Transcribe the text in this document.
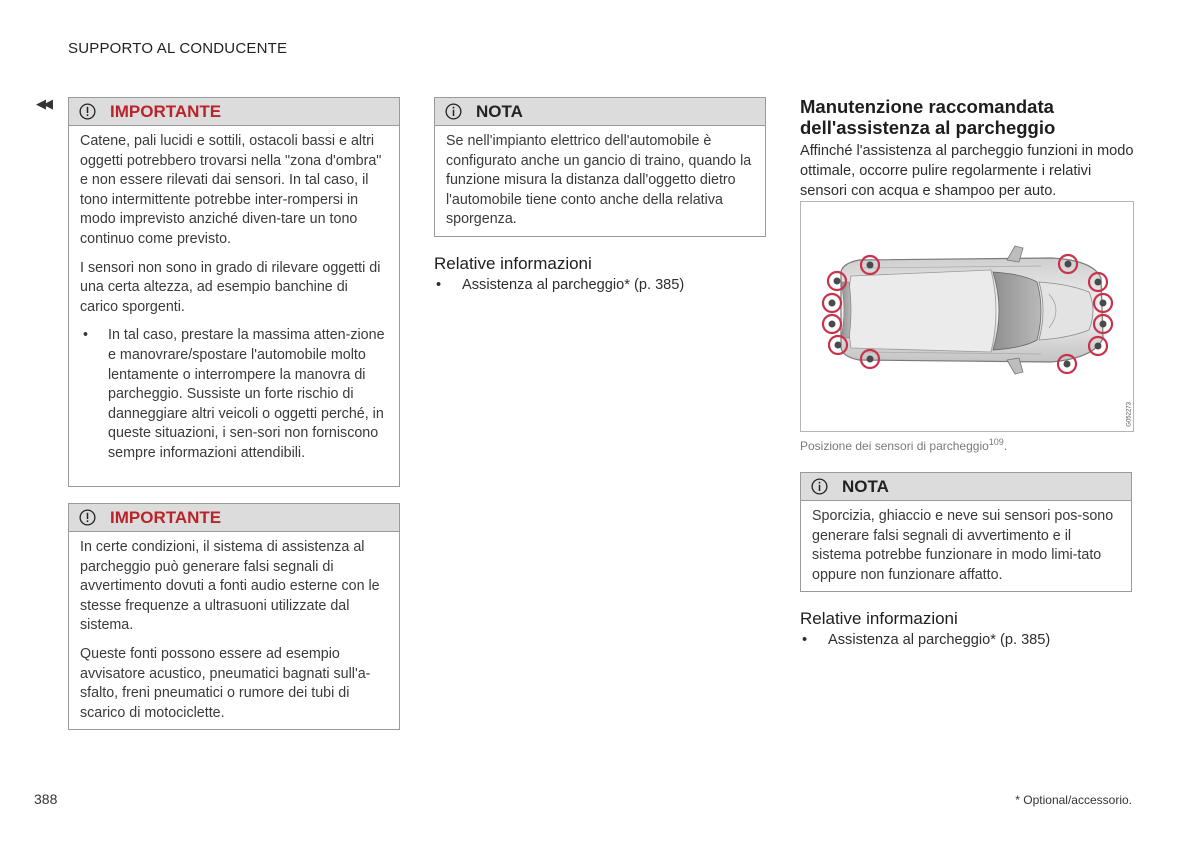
SUPPORTO AL CONDUCENTE
◀◀	IMPORTANTE

Catene, pali lucidi e sottili, ostacoli bassi e altri oggetti potrebbero trovarsi nella "zona d'ombra" e non essere rilevati dai sensori. In tal caso, il tono intermittente potrebbe inter-rompersi in modo imprevisto anziché diven-tare un tono continuo come previsto.

I sensori non sono in grado di rilevare oggetti di una certa altezza, ad esempio banchine di carico sporgenti.

• In tal caso, prestare la massima atten-zione e manovrare/spostare l'automobile molto lentamente o interrompere la manovra di parcheggio. Sussiste un forte rischio di danneggiare altri veicoli o oggetti perché, in queste situazioni, i sen-sori non forniscono sempre informazioni attendibili.

IMPORTANTE

In certe condizioni, il sistema di assistenza al parcheggio può generare falsi segnali di avvertimento dovuti a fonti audio esterne con le stesse frequenze a ultrasuoni utilizzate dal sistema.

Queste fonti possono essere ad esempio avvisatore acustico, pneumatici bagnati sull'a-sfalto, freni pneumatici o rumore dei tubi di scarico di motociclette.

NOTA

Se nell'impianto elettrico dell'automobile è configurato anche un gancio di traino, quando la funzione misura la distanza dall'oggetto dietro l'automobile tiene conto anche della relativa sporgenza.

Relative informazioni
• Assistenza al parcheggio* (p. 385)
Manutenzione raccomandata
dell'assistenza al parcheggio
Affinché l'assistenza al parcheggio funzioni in modo ottimale, occorre pulire regolarmente i relativi sensori con acqua e shampoo per auto.
G052273
Posizione dei sensori di parcheggio$^{109}$.
NOTA

Sporcizia, ghiaccio e neve sui sensori pos-sono generare falsi segnali di avvertimento e il sistema potrebbe funzionare in modo limi-tato oppure non funzionare affatto.

Relative informazioni
• Assistenza al parcheggio* (p. 385)
388	* Optional/accessorio.
